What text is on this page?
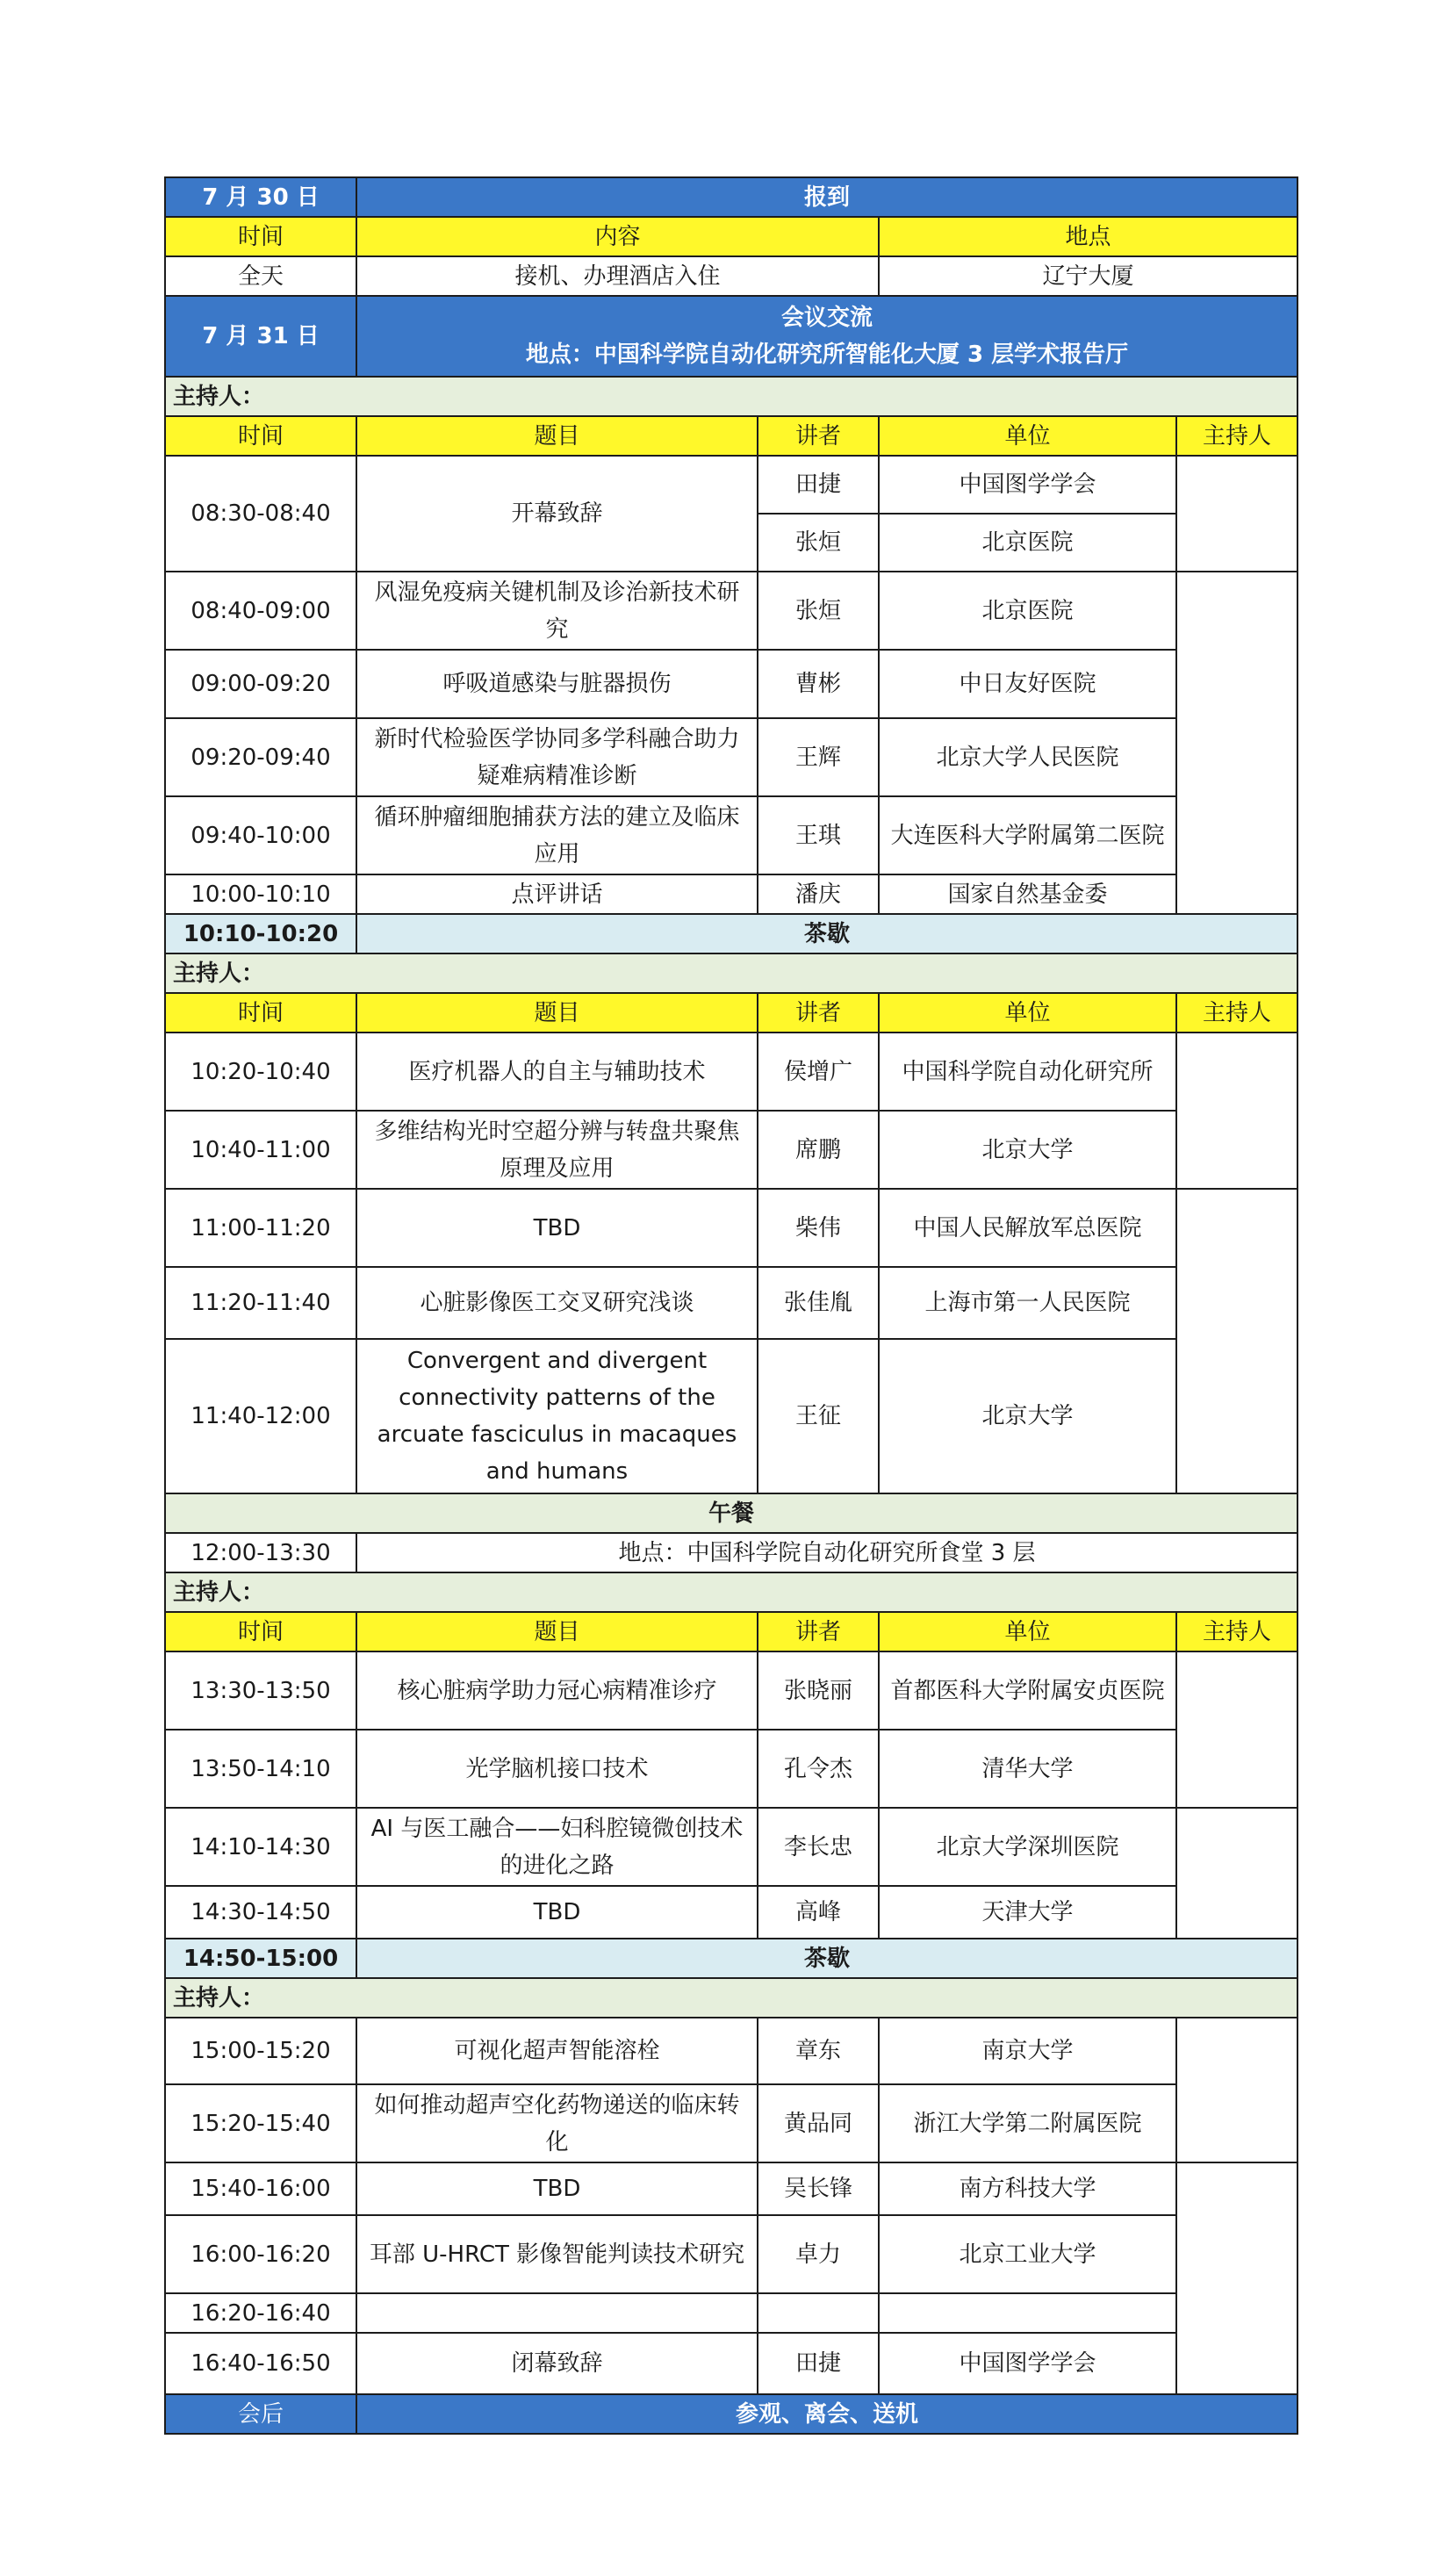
7 月 30 日	报到			
时间	内容		地点	
全天	接机、办理酒店入住		辽宁大厦	
7 月 31 日	会议交流
地点：中国科学院自动化研究所智能化大厦 3 层学术报告厅			

主持人：				
时间	题目	讲者	单位	主持人
08:30-08:40	开幕致辞	田捷	中国图学学会	
		张烜	北京医院	
08:40-09:00	风湿免疫病关键机制及诊治新技术研究	张烜	北京医院	
09:00-09:20	呼吸道感染与脏器损伤	曹彬	中日友好医院	
09:20-09:40	新时代检验医学协同多学科融合助力疑难病精准诊断	王辉	北京大学人民医院	
09:40-10:00	循环肿瘤细胞捕获方法的建立及临床应用	王琪	大连医科大学附属第二医院	
10:00-10:10	点评讲话	潘庆	国家自然基金委	
10:10-10:20	茶歇			
主持人：				
时间	题目	讲者	单位	主持人
10:20-10:40	医疗机器人的自主与辅助技术	侯增广	中国科学院自动化研究所	
10:40-11:00	多维结构光时空超分辨与转盘共聚焦原理及应用	席鹏	北京大学	
11:00-11:20	TBD	柴伟	中国人民解放军总医院	
11:20-11:40	心脏影像医工交叉研究浅谈	张佳胤	上海市第一人民医院	
11:40-12:00	Convergent and divergent connectivity patterns of the arcuate fasciculus in macaques and humans	王征	北京大学	
午餐				
12:00-13:30	地点：中国科学院自动化研究所食堂 3 层			
主持人：				
时间	题目	讲者	单位	主持人
13:30-13:50	核心脏病学助力冠心病精准诊疗	张晓丽	首都医科大学附属安贞医院	
13:50-14:10	光学脑机接口技术	孔令杰	清华大学	
14:10-14:30	AI 与医工融合——妇科腔镜微创技术的进化之路	李长忠	北京大学深圳医院	
14:30-14:50	TBD	高峰	天津大学	
14:50-15:00	茶歇			
主持人：				
15:00-15:20	可视化超声智能溶栓	章东	南京大学	
15:20-15:40	如何推动超声空化药物递送的临床转化	黄品同	浙江大学第二附属医院	
15:40-16:00	TBD	吴长锋	南方科技大学	
16:00-16:20	耳部 U-HRCT 影像智能判读技术研究	卓力	北京工业大学	
16:20-16:40				
16:40-16:50	闭幕致辞	田捷	中国图学学会	
会后	参观、离会、送机			
